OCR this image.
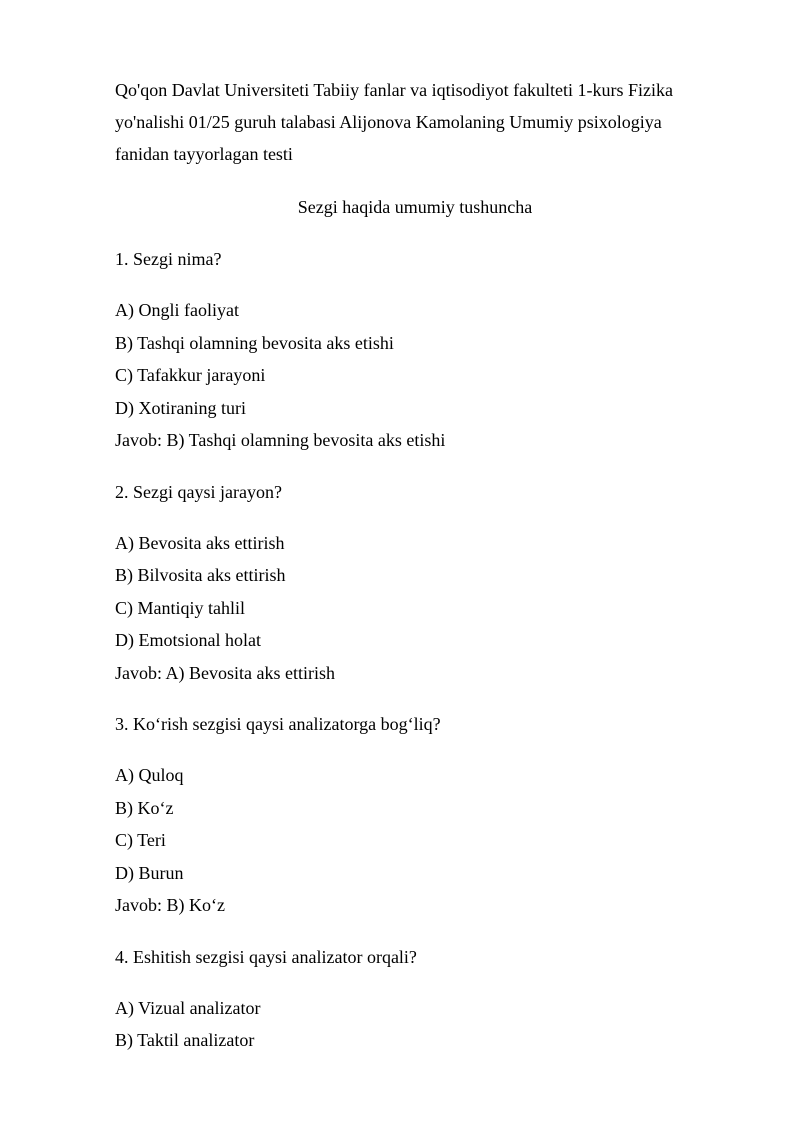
Qo'qon Davlat Universiteti Tabiiy fanlar va iqtisodiyot fakulteti 1-kurs Fizika yo'nalishi 01/25 guruh talabasi Alijonova Kamolaning Umumiy psixologiya fanidan tayyorlagan testi

Sezgi haqida umumiy tushuncha

1. Sezgi nima?

A) Ongli faoliyat

B) Tashqi olamning bevosita aks etishi

C) Tafakkur jarayoni

D) Xotiraning turi

Javob: B) Tashqi olamning bevosita aks etishi

2. Sezgi qaysi jarayon?

A) Bevosita aks ettirish

B) Bilvosita aks ettirish

C) Mantiqiy tahlil

D) Emotsional holat

Javob: A) Bevosita aks ettirish

3. Ko‘rish sezgisi qaysi analizatorga bog‘liq?

A) Quloq

B) Ko‘z

C) Teri

D) Burun

Javob: B) Ko‘z

4. Eshitish sezgisi qaysi analizator orqali?

A) Vizual analizator

B) Taktil analizator
